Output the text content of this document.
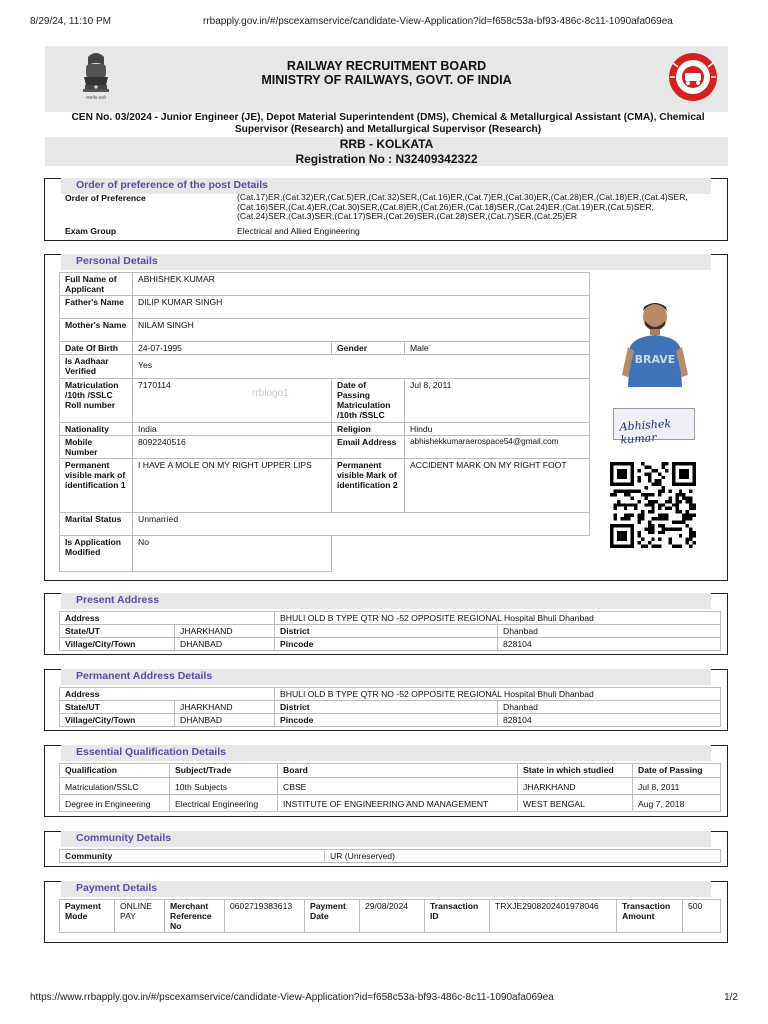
8/29/24, 11:10 PM	rrbapply.gov.in/#/pscexamservice/candidate-View-Application?id=f658c53a-bf93-486c-8c11-1090afa069ea
सत्यमेव जयते
RAILWAY RECRUITMENT BOARD
MINISTRY OF RAILWAYS, GOVT. OF INDIA
CEN No. 03/2024 - Junior Engineer (JE), Depot Material Superintendent (DMS), Chemical & Metallurgical Assistant (CMA), Chemical Supervisor (Research) and Metallurgical Supervisor (Research)
RRB - KOLKATA
Registration No : N32409342322
Order of preference of the post Details
Order of Preference	(Cat.17)ER,(Cat.32)ER,(Cat.5)ER,(Cat.32)SER,(Cat.16)ER,(Cat.7)ER,(Cat.30)ER,(Cat.28)ER,(Cat.18)ER,(Cat.4)SER,(Cat.16)SER,(Cat.4)ER,(Cat.30)SER,(Cat.8)ER,(Cat.26)ER,(Cat.18)SER,(Cat.24)ER,(Cat.19)ER,(Cat.5)SER,(Cat.24)SER,(Cat.3)SER,(Cat.17)SER,(Cat.26)SER,(Cat.28)SER,(Cat.7)SER,(Cat.25)ER
Exam Group	Electrical and Allied Engineering
Personal Details
Full Name of Applicant	ABHISHEK KUMAR		
Father's Name	DILIP KUMAR SINGH		
Mother's Name	NILAM SINGH		
Date Of Birth	24-07-1995	Gender	Male
Is Aadhaar Verified	Yes		
Matriculation /10th /SSLC Roll number	7170114	Date of Passing Matriculation /10th /SSLC	Jul 8, 2011
Nationality	India	Religion	Hindu
Mobile Number	8092240516	Email Address	abhishekkumaraerospace54@gmail.com
Permanent visible mark of identification 1	I HAVE A MOLE ON MY RIGHT UPPER LIPS	Permanent visible Mark of identification 2	ACCIDENT MARK ON MY RIGHT FOOT
Marital Status	Unmarried		
Is Application Modified	No		
rrblogo1
BRAVE
Abhishek kumar
Present Address
Address		BHULI OLD B TYPE QTR NO -52 OPPOSITE REGIONAL Hospital Bhuli Dhanbad	
State/UT	JHARKHAND	District	Dhanbad
Village/City/Town	DHANBAD	Pincode	828104
Permanent Address Details
Address		BHULI OLD B TYPE QTR NO -52 OPPOSITE REGIONAL Hospital Bhuli Dhanbad	
State/UT	JHARKHAND	District	Dhanbad
Village/City/Town	DHANBAD	Pincode	828104
Essential Qualification Details
Qualification	Subject/Trade	Board	State in which studied	Date of Passing
Matriculation/SSLC	10th Subjects	CBSE	JHARKHAND	Jul 8, 2011
Degree in Engineering	Electrical Engineering	INSTITUTE OF ENGINEERING AND MANAGEMENT	WEST BENGAL	Aug 7, 2018
Community Details
Community	UR (Unreserved)
Payment Details
Payment Mode	ONLINE PAY	Merchant Reference No	0602719383613	Payment Date	29/08/2024	Transaction ID	TRXJE2908202401978046	Transaction Amount	500
https://www.rrbapply.gov.in/#/pscexamservice/candidate-View-Application?id=f658c53a-bf93-486c-8c11-1090afa069ea	1/2
